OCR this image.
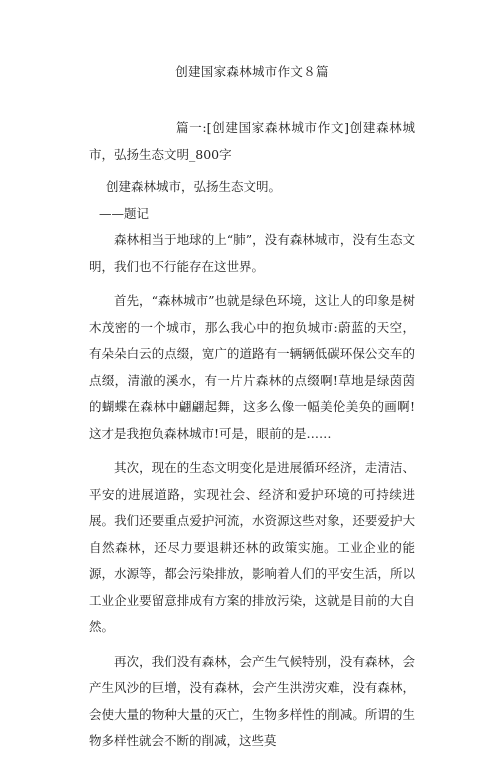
创建国家森林城市作文８篇

篇一:[创建国家森林城市作文]创建森林城市，弘扬生态文明_800字

创建森林城市，弘扬生态文明。

——题记

森林相当于地球的上“肺”，没有森林城市，没有生态文明，我们也不行能存在这世界。

首先，“森林城市”也就是绿色环境，这让人的印象是树木茂密的一个城市，那么我心中的抱负城市:蔚蓝的天空，有朵朵白云的点缀，宽广的道路有一辆辆低碳环保公交车的点缀，清澈的溪水，有一片片森林的点缀啊!草地是绿茵茵的蝴蝶在森林中翩翩起舞，这多么像一幅美伦美奂的画啊!这才是我抱负森林城市!可是，眼前的是……

其次，现在的生态文明变化是进展循环经济，走清洁、平安的进展道路，实现社会、经济和爱护环境的可持续进展。我们还要重点爱护河流，水资源这些对象，还要爱护大自然森林，还尽力要退耕还林的政策实施。工业企业的能源，水源等，都会污染排放，影响着人们的平安生活，所以工业企业要留意排成有方案的排放污染，这就是目前的大自然。

再次，我们没有森林，会产生气候特别，没有森林，会产生风沙的巨增，没有森林，会产生洪涝灾难，没有森林，会使大量的物种大量的灭亡，生物多样性的削减。所谓的生物多样性就会不断的削减，这些莫
